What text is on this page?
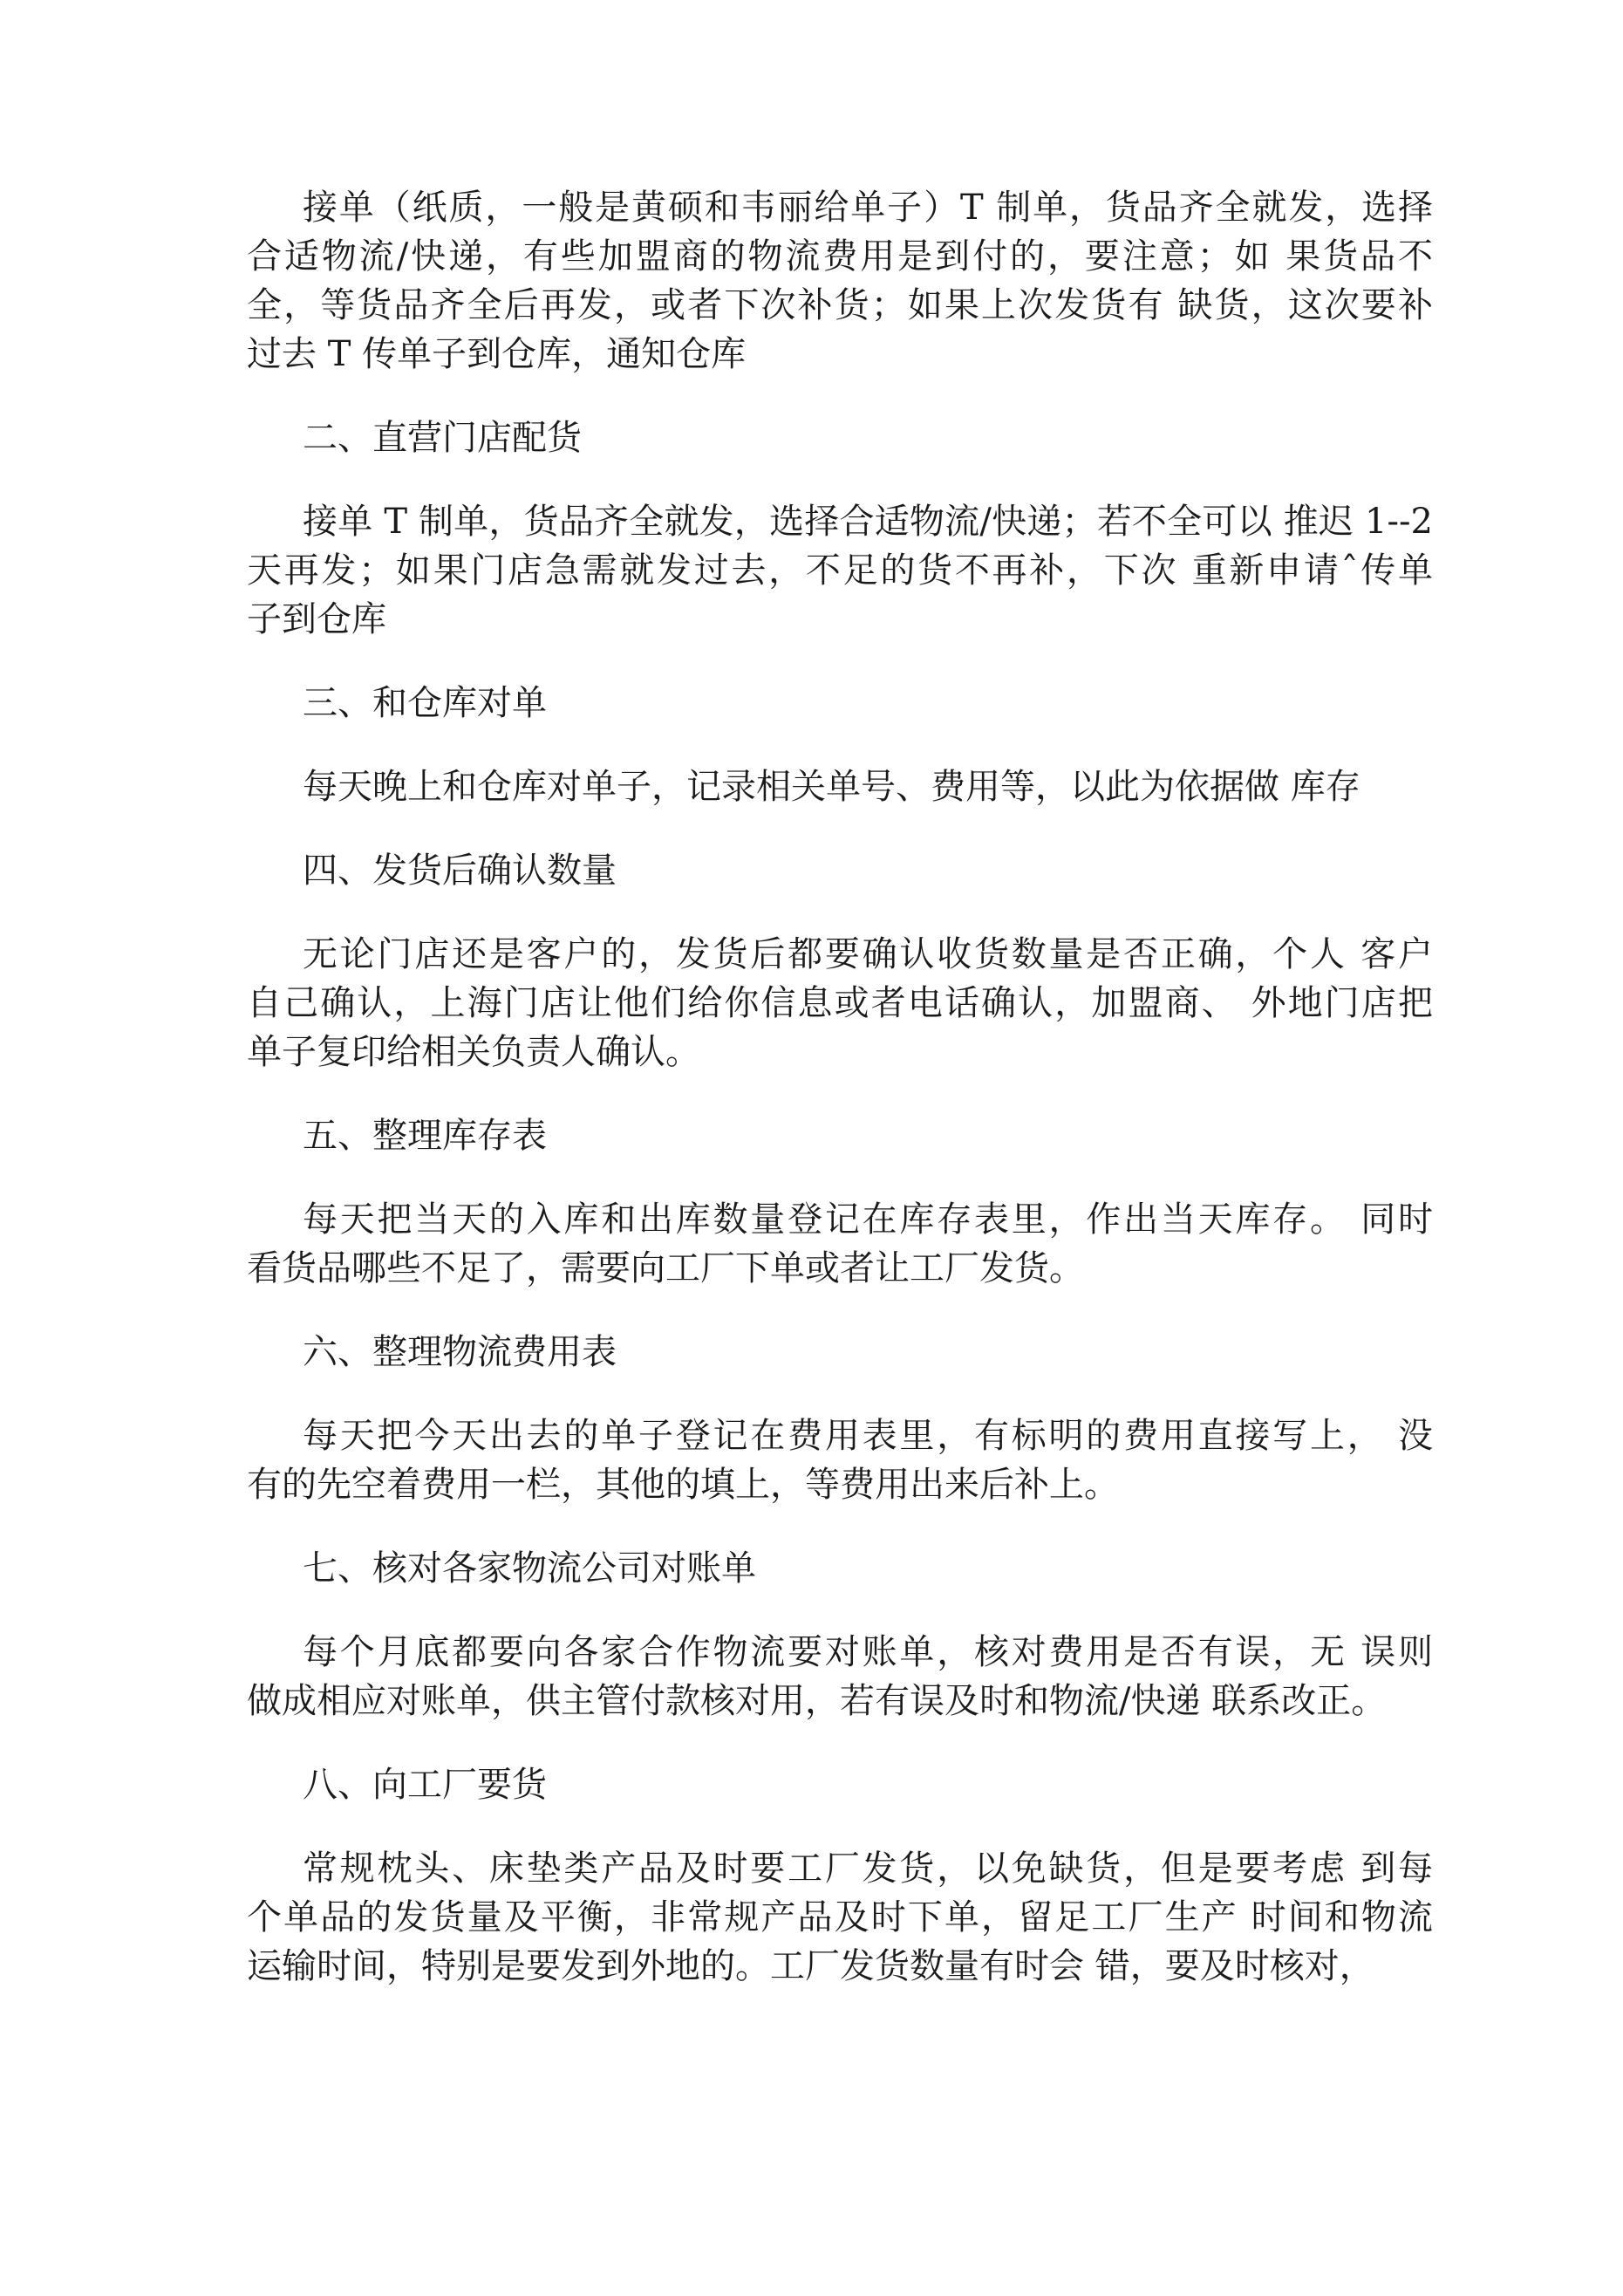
接单（纸质，一般是黄硕和韦丽给单子）T 制单，货品齐全就发，选择
合适物流/快递，有些加盟商的物流费用是到付的，要注意；如 果货品不
全，等货品齐全后再发，或者下次补货；如果上次发货有 缺货，这次要补
过去 T 传单子到仓库，通知仓库
二、直营门店配货
接单 T 制单，货品齐全就发，选择合适物流/快递；若不全可以 推迟 1--2
天再发；如果门店急需就发过去，不足的货不再补，下次 重新申请ˆ传单
子到仓库
三、和仓库对单
每天晚上和仓库对单子，记录相关单号、费用等，以此为依据做 库存
四、发货后确认数量
无论门店还是客户的，发货后都要确认收货数量是否正确，个人 客户
自己确认，上海门店让他们给你信息或者电话确认，加盟商、 外地门店把
单子复印给相关负责人确认。
五、整理库存表
每天把当天的入库和出库数量登记在库存表里，作出当天库存。 同时
看货品哪些不足了，需要向工厂下单或者让工厂发货。
六、整理物流费用表
每天把今天出去的单子登记在费用表里，有标明的费用直接写上， 没
有的先空着费用一栏，其他的填上，等费用出来后补上。
七、核对各家物流公司对账单
每个月底都要向各家合作物流要对账单，核对费用是否有误，无 误则
做成相应对账单，供主管付款核对用，若有误及时和物流/快递 联系改正。
八、向工厂要货
常规枕头、床垫类产品及时要工厂发货，以免缺货，但是要考虑 到每
个单品的发货量及平衡，非常规产品及时下单，留足工厂生产 时间和物流
运输时间，特别是要发到外地的。工厂发货数量有时会 错，要及时核对，
